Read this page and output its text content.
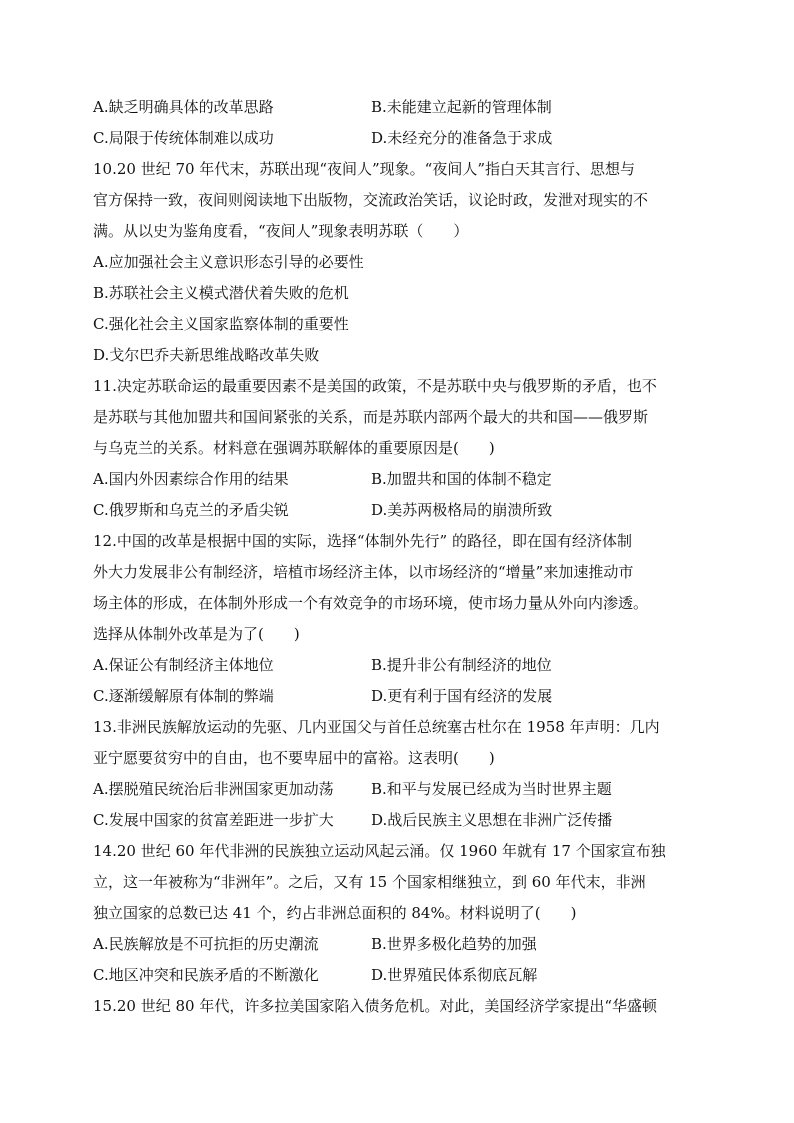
A.缺乏明确具体的改革思路	B.未能建立起新的管理体制
C.局限于传统体制难以成功	D.未经充分的准备急于求成
10.20 世纪 70 年代末，苏联出现“夜间人”现象。“夜间人”指白天其言行、思想与
官方保持一致，夜间则阅读地下出版物，交流政治笑话，议论时政，发泄对现实的不
满。从以史为鉴角度看，“夜间人”现象表明苏联（　　）
A.应加强社会主义意识形态引导的必要性
B.苏联社会主义模式潜伏着失败的危机
C.强化社会主义国家监察体制的重要性
D.戈尔巴乔夫新思维战略改革失败
11.决定苏联命运的最重要因素不是美国的政策，不是苏联中央与俄罗斯的矛盾，也不
是苏联与其他加盟共和国间紧张的关系，而是苏联内部两个最大的共和国——俄罗斯
与乌克兰的关系。材料意在强调苏联解体的重要原因是(　　)
A.国内外因素综合作用的结果	B.加盟共和国的体制不稳定
C.俄罗斯和乌克兰的矛盾尖锐	D.美苏两极格局的崩溃所致
12.中国的改革是根据中国的实际，选择“体制外先行” 的路径，即在国有经济体制
外大力发展非公有制经济，培植市场经济主体，以市场经济的“增量”来加速推动市
场主体的形成，在体制外形成一个有效竞争的市场环境，使市场力量从外向内渗透。
选择从体制外改革是为了(　　)
A.保证公有制经济主体地位	B.提升非公有制经济的地位
C.逐渐缓解原有体制的弊端	D.更有利于国有经济的发展
13.非洲民族解放运动的先驱、几内亚国父与首任总统塞古杜尔在 1958 年声明：几内
亚宁愿要贫穷中的自由，也不要卑屈中的富裕。这表明(　　)
A.摆脱殖民统治后非洲国家更加动荡	B.和平与发展已经成为当时世界主题
C.发展中国家的贫富差距进一步扩大	D.战后民族主义思想在非洲广泛传播
14.20 世纪 60 年代非洲的民族独立运动风起云涌。仅 1960 年就有 17 个国家宣布独
立，这一年被称为“非洲年”。之后，又有 15 个国家相继独立，到 60 年代末，非洲
独立国家的总数已达 41 个，约占非洲总面积的 84%。材料说明了(　　)
A.民族解放是不可抗拒的历史潮流	B.世界多极化趋势的加强
C.地区冲突和民族矛盾的不断激化	D.世界殖民体系彻底瓦解
15.20 世纪 80 年代，许多拉美国家陷入债务危机。对此，美国经济学家提出“华盛顿
